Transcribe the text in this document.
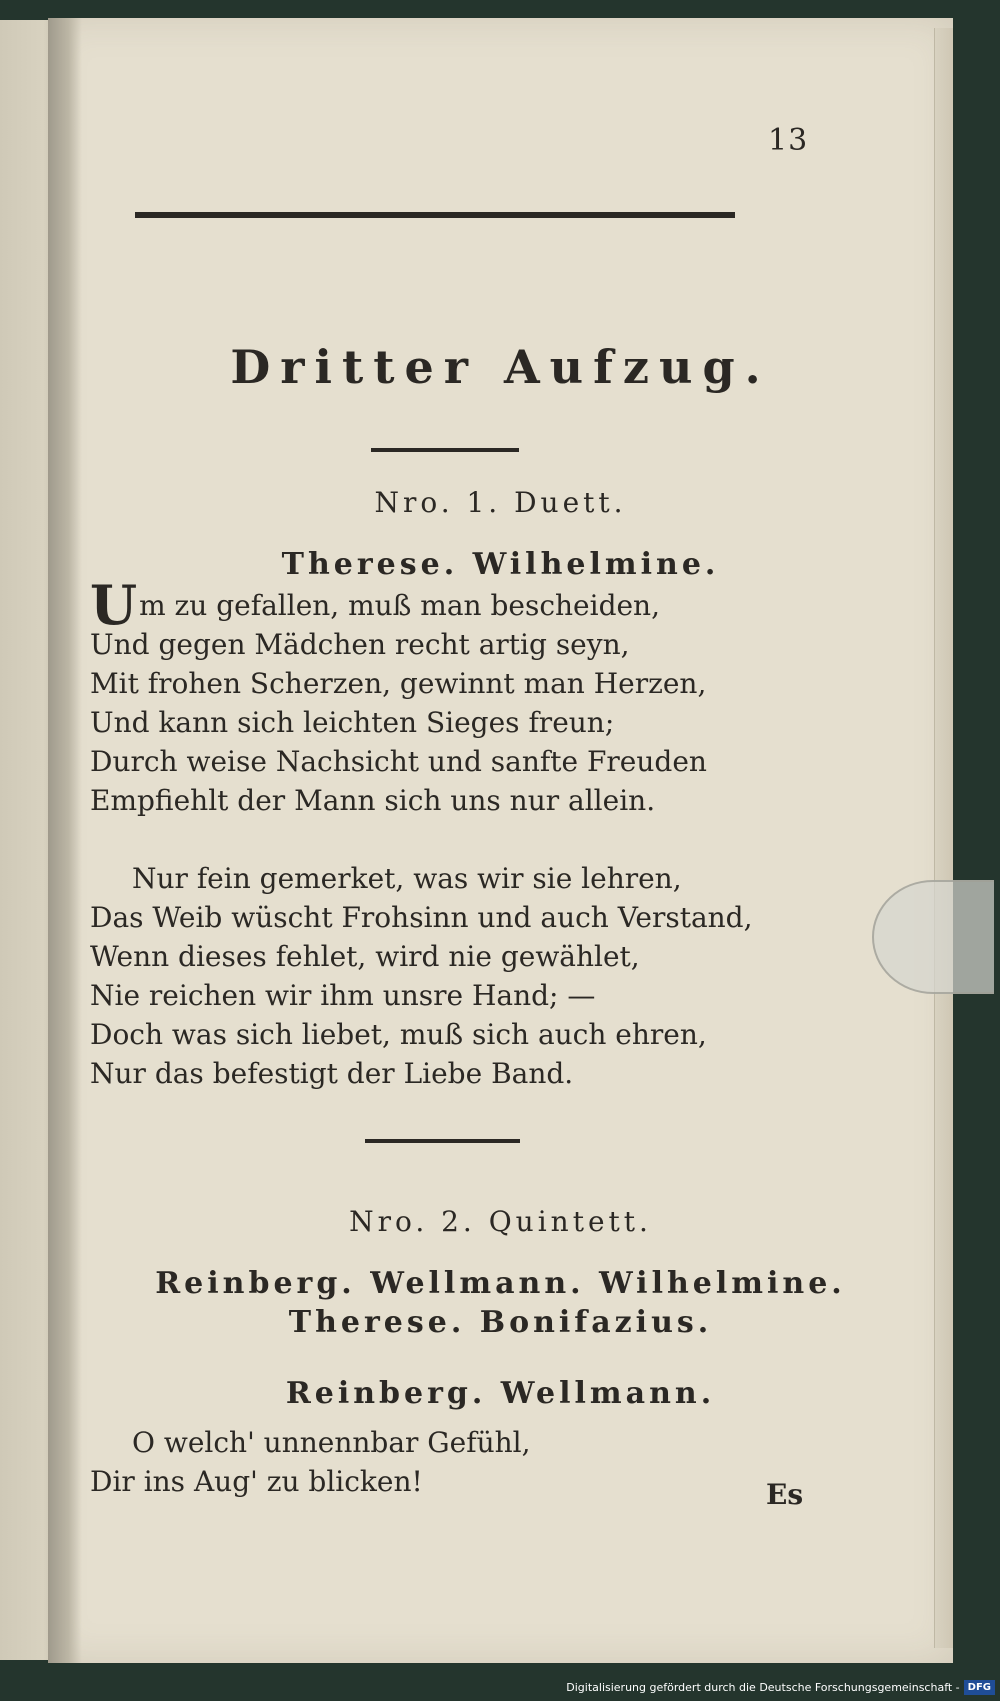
13
Dritter Aufzug.
Nro. 1. Duett.
Therese. Wilhelmine.
Um zu gefallen, muß man bescheiden,
Und gegen Mädchen recht artig seyn,
Mit frohen Scherzen, gewinnt man Herzen,
Und kann sich leichten Sieges freun;
Durch weise Nachsicht und sanfte Freuden
Empfiehlt der Mann sich uns nur allein.
Nur fein gemerket, was wir sie lehren,
Das Weib wüscht Frohsinn und auch Verstand,
Wenn dieses fehlet, wird nie gewählet,
Nie reichen wir ihm unsre Hand; —
Doch was sich liebet, muß sich auch ehren,
Nur das befestigt der Liebe Band.
Nro. 2. Quintett.
Reinberg. Wellmann. Wilhelmine.
Therese. Bonifazius.
Reinberg. Wellmann.
O welch' unnennbar Gefühl,
Dir ins Aug' zu blicken!	Es
Digitalisierung gefördert durch die Deutsche Forschungsgemeinschaft - DFG
